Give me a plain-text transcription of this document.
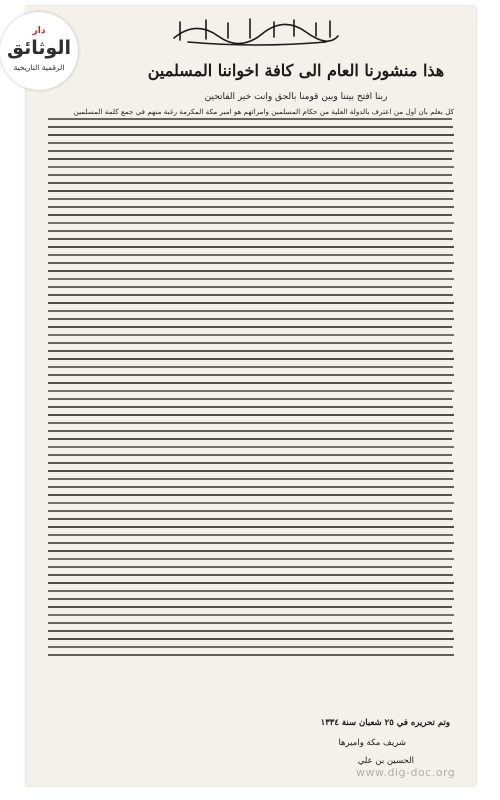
هذا منشورنا العام الى كافة اخواننا المسلمين
ربنا افتح بيننا وبين قومنا بالحق وانت خير الفاتحين
كل يعلم بأن أول من اعترف بالدولة العلية من حكام المسلمين وامرائهم هو امير مكة المكرمة رغبة منهم في جمع كلمة المسلمين
وتم تحريره في ٢٥ شعبان سنة ١٣٣٤
شريف مكة واميرها
الحسين بن علي
www.dig-doc.org
دار
الوثائق
الرقمية التاريخية
